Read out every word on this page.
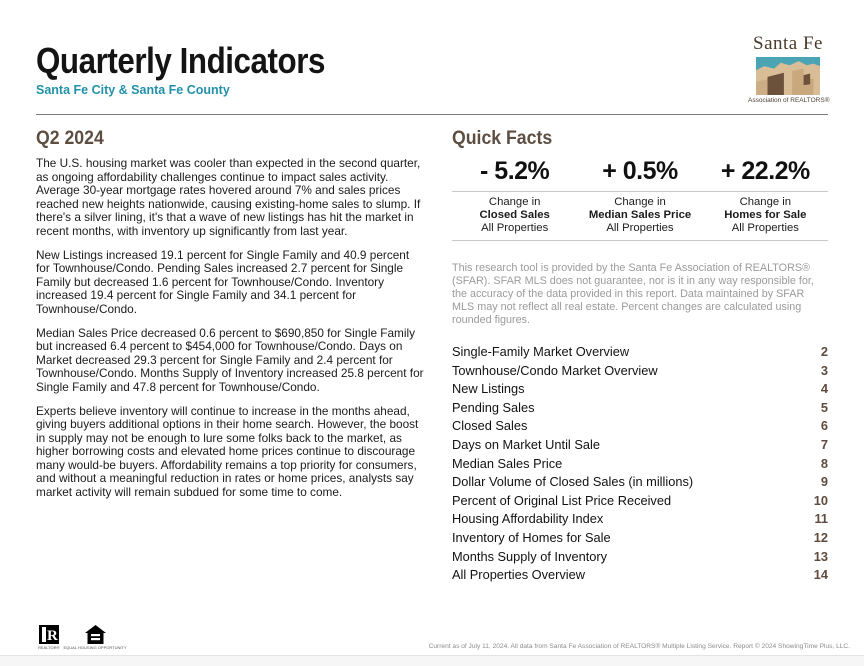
Quarterly Indicators
Santa Fe City & Santa Fe County
Santa Fe
Association of REALTORS®
Q2 2024

The U.S. housing market was cooler than expected in the second quarter, as ongoing affordability challenges continue to impact sales activity. Average 30-year mortgage rates hovered around 7% and sales prices reached new heights nationwide, causing existing-home sales to slump. If there's a silver lining, it's that a wave of new listings has hit the market in recent months, with inventory up significantly from last year.

New Listings increased 19.1 percent for Single Family and 40.9 percent for Townhouse/Condo. Pending Sales increased 2.7 percent for Single Family but decreased 1.6 percent for Townhouse/Condo. Inventory increased 19.4 percent for Single Family and 34.1 percent for Townhouse/Condo.

Median Sales Price decreased 0.6 percent to $690,850 for Single Family but increased 6.4 percent to $454,000 for Townhouse/Condo. Days on Market decreased 29.3 percent for Single Family and 2.4 percent for Townhouse/Condo. Months Supply of Inventory increased 25.8 percent for Single Family and 47.8 percent for Townhouse/Condo.

Experts believe inventory will continue to increase in the months ahead, giving buyers additional options in their home search. However, the boost in supply may not be enough to lure some folks back to the market, as higher borrowing costs and elevated home prices continue to discourage many would-be buyers. Affordability remains a top priority for consumers, and without a meaningful reduction in rates or home prices, analysts say market activity will remain subdued for some time to come.

Quick Facts
- 5.2%	+ 0.5%	+ 22.2%
Change in
Closed Sales
All Properties
Change in
Median Sales Price
All Properties
Change in
Homes for Sale
All Properties
This research tool is provided by the Santa Fe Association of REALTORS® (SFAR). SFAR MLS does not guarantee, nor is it in any way responsible for, the accuracy of the data provided in this report. Data maintained by SFAR MLS may not reflect all real estate. Percent changes are calculated using rounded figures.
Single-Family Market Overview	2
Townhouse/Condo Market Overview	3
New Listings	4
Pending Sales	5
Closed Sales	6
Days on Market Until Sale	7
Median Sales Price	8
Dollar Volume of Closed Sales (in millions)	9
Percent of Original List Price Received	10
Housing Affordability Index	11
Inventory of Homes for Sale	12
Months Supply of Inventory	13
All Properties Overview	14
R
REALTOR® EQUAL HOUSING OPPORTUNITY	Current as of July 11, 2024. All data from Santa Fe Association of REALTORS® Multiple Listing Service. Report © 2024 ShowingTime Plus, LLC.
